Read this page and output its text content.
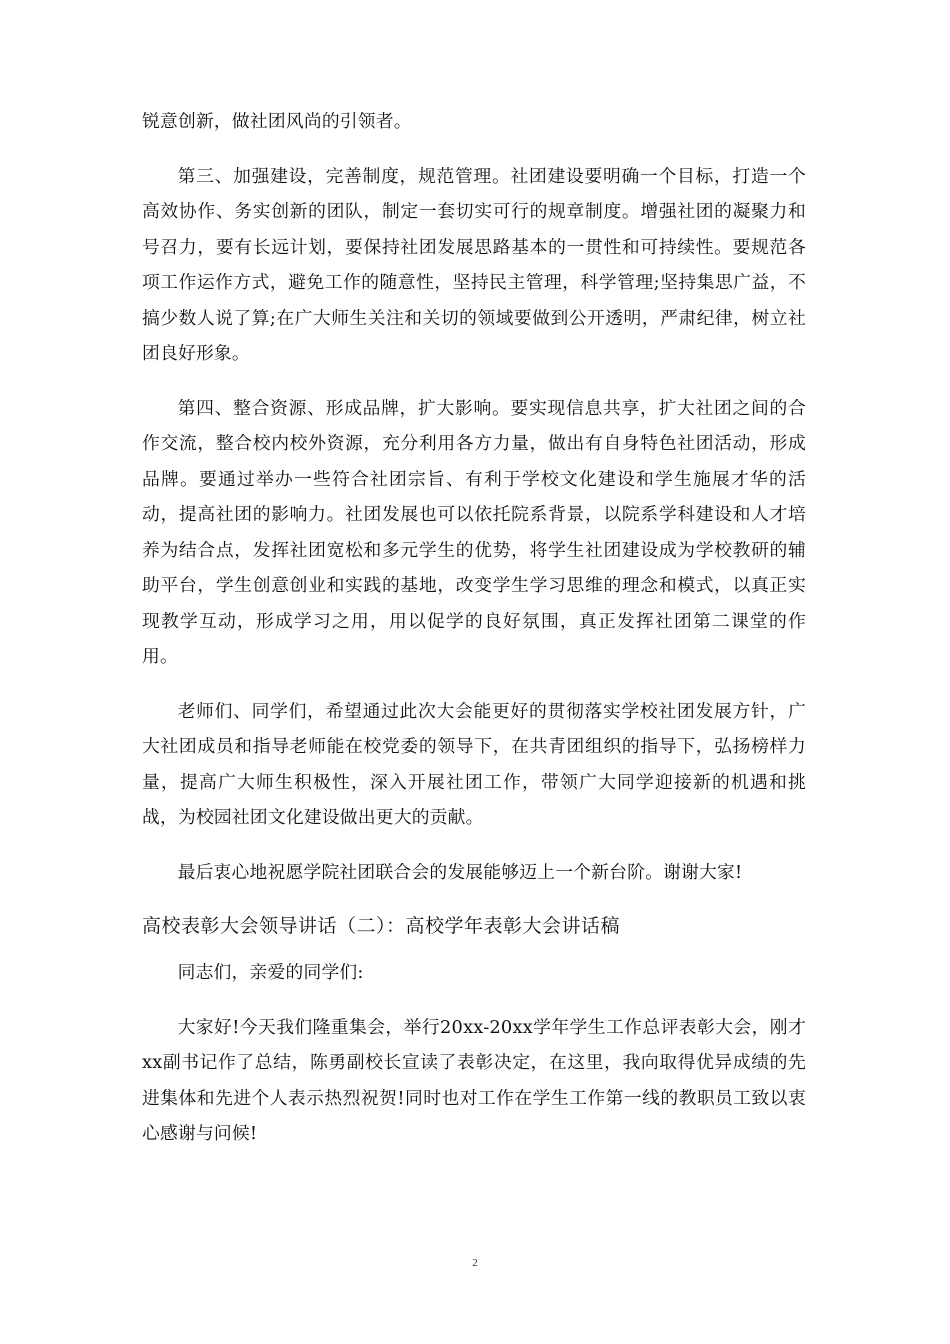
锐意创新，做社团风尚的引领者。

第三、加强建设，完善制度，规范管理。社团建设要明确一个目标，打造一个高效协作、务实创新的团队，制定一套切实可行的规章制度。增强社团的凝聚力和号召力，要有长远计划，要保持社团发展思路基本的一贯性和可持续性。要规范各项工作运作方式，避免工作的随意性，坚持民主管理，科学管理;坚持集思广益，不搞少数人说了算;在广大师生关注和关切的领域要做到公开透明，严肃纪律，树立社团良好形象。

第四、整合资源、形成品牌，扩大影响。要实现信息共享，扩大社团之间的合作交流，整合校内校外资源，充分利用各方力量，做出有自身特色社团活动，形成品牌。要通过举办一些符合社团宗旨、有利于学校文化建设和学生施展才华的活动，提高社团的影响力。社团发展也可以依托院系背景，以院系学科建设和人才培养为结合点，发挥社团宽松和多元学生的优势，将学生社团建设成为学校教研的辅助平台，学生创意创业和实践的基地，改变学生学习思维的理念和模式，以真正实现教学互动，形成学习之用，用以促学的良好氛围，真正发挥社团第二课堂的作用。

老师们、同学们，希望通过此次大会能更好的贯彻落实学校社团发展方针，广大社团成员和指导老师能在校党委的领导下，在共青团组织的指导下，弘扬榜样力量，提高广大师生积极性，深入开展社团工作，带领广大同学迎接新的机遇和挑战，为校园社团文化建设做出更大的贡献。

最后衷心地祝愿学院社团联合会的发展能够迈上一个新台阶。谢谢大家!

高校表彰大会领导讲话（二）：高校学年表彰大会讲话稿

同志们，亲爱的同学们:

大家好!今天我们隆重集会，举行20xx-20xx学年学生工作总评表彰大会，刚才xx副书记作了总结，陈勇副校长宣读了表彰决定，在这里，我向取得优异成绩的先进集体和先进个人表示热烈祝贺!同时也对工作在学生工作第一线的教职员工致以衷心感谢与问候!

2
